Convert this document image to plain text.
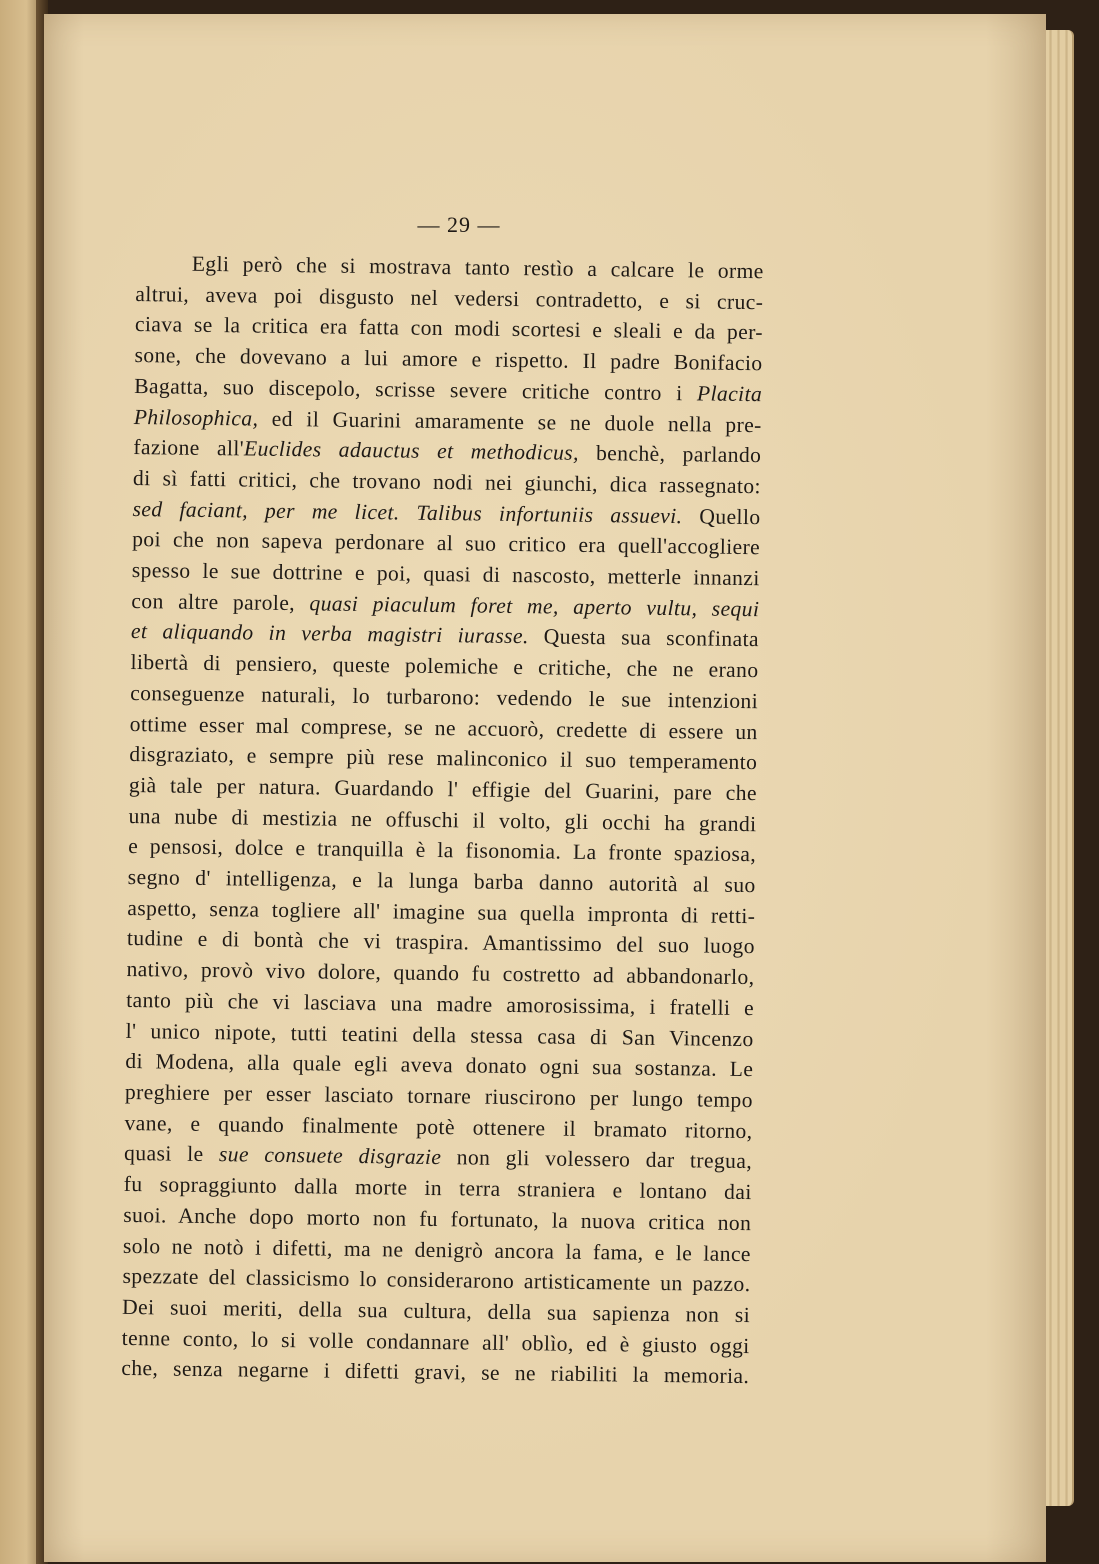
— 29 —
Egli però che si mostrava tanto restìo a calcare le orme
altrui, aveva poi disgusto nel vedersi contradetto, e si cruc-
ciava se la critica era fatta con modi scortesi e sleali e da per-
sone, che dovevano a lui amore e rispetto. Il padre Bonifacio
Bagatta, suo discepolo, scrisse severe critiche contro i Placita
Philosophica, ed il Guarini amaramente se ne duole nella pre-
fazione all'Euclides adauctus et methodicus, benchè, parlando
di sì fatti critici, che trovano nodi nei giunchi, dica rassegnato:
sed faciant, per me licet. Talibus infortuniis assuevi. Quello
poi che non sapeva perdonare al suo critico era quell'accogliere
spesso le sue dottrine e poi, quasi di nascosto, metterle innanzi
con altre parole, quasi piaculum foret me, aperto vultu, sequi
et aliquando in verba magistri iurasse. Questa sua sconfinata
libertà di pensiero, queste polemiche e critiche, che ne erano
conseguenze naturali, lo turbarono: vedendo le sue intenzioni
ottime esser mal comprese, se ne accuorò, credette di essere un
disgraziato, e sempre più rese malinconico il suo temperamento
già tale per natura. Guardando l' effigie del Guarini, pare che
una nube di mestizia ne offuschi il volto, gli occhi ha grandi
e pensosi, dolce e tranquilla è la fisonomia. La fronte spaziosa,
segno d' intelligenza, e la lunga barba danno autorità al suo
aspetto, senza togliere all' imagine sua quella impronta di retti-
tudine e di bontà che vi traspira. Amantissimo del suo luogo
nativo, provò vivo dolore, quando fu costretto ad abbandonarlo,
tanto più che vi lasciava una madre amorosissima, i fratelli e
l' unico nipote, tutti teatini della stessa casa di San Vincenzo
di Modena, alla quale egli aveva donato ogni sua sostanza. Le
preghiere per esser lasciato tornare riuscirono per lungo tempo
vane, e quando finalmente potè ottenere il bramato ritorno,
quasi le sue consuete disgrazie non gli volessero dar tregua,
fu sopraggiunto dalla morte in terra straniera e lontano dai
suoi. Anche dopo morto non fu fortunato, la nuova critica non
solo ne notò i difetti, ma ne denigrò ancora la fama, e le lance
spezzate del classicismo lo considerarono artisticamente un pazzo.
Dei suoi meriti, della sua cultura, della sua sapienza non si
tenne conto, lo si volle condannare all' oblìo, ed è giusto oggi
che, senza negarne i difetti gravi, se ne riabiliti la memoria.
